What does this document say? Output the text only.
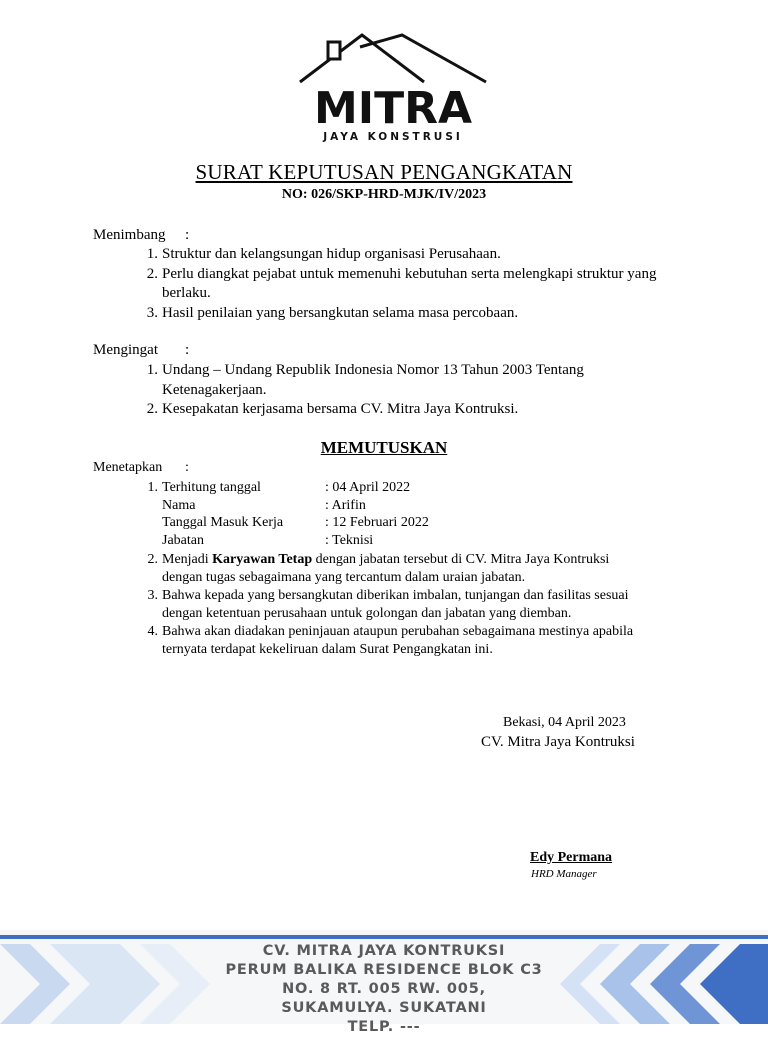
MITRA
JAYA KONSTRUSI
SURAT KEPUTUSAN PENGANGKATAN
NO: 026/SKP-HRD-MJK/IV/2023
Menimbang :
1. Struktur dan kelangsungan hidup organisasi Perusahaan.
2. Perlu diangkat pejabat untuk memenuhi kebutuhan serta melengkapi struktur yang
berlaku.
3. Hasil penilaian yang bersangkutan selama masa percobaan.
Mengingat :
1. Undang – Undang Republik Indonesia Nomor 13 Tahun 2003 Tentang
Ketenagakerjaan.
2. Kesepakatan kerjasama bersama CV. Mitra Jaya Kontruksi.
MEMUTUSKAN
Menetapkan :
1. Terhitung tanggal	: 04 April 2022
Nama	: Arifin
Tanggal Masuk Kerja	: 12 Februari 2022
Jabatan	: Teknisi
2. Menjadi Karyawan Tetap dengan jabatan tersebut di CV. Mitra Jaya Kontruksi
dengan tugas sebagaimana yang tercantum dalam uraian jabatan.
3. Bahwa kepada yang bersangkutan diberikan imbalan, tunjangan dan fasilitas sesuai
dengan ketentuan perusahaan untuk golongan dan jabatan yang diemban.
4. Bahwa akan diadakan peninjauan ataupun perubahan sebagaimana mestinya apabila
ternyata terdapat kekeliruan dalam Surat Pengangkatan ini.
Bekasi, 04 April 2023
CV. Mitra Jaya Kontruksi
Edy Permana
HRD Manager
CV. MITRA JAYA KONTRUKSI
PERUM BALIKA RESIDENCE BLOK C3
NO. 8 RT. 005 RW. 005,
SUKAMULYA. SUKATANI
TELP. ---
